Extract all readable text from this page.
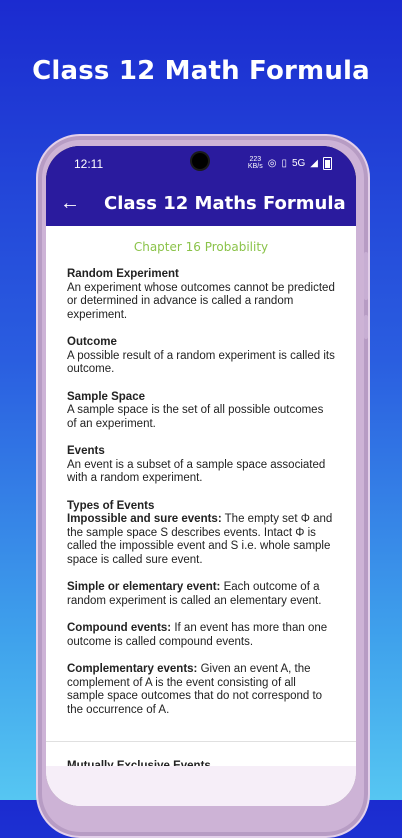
Class 12 Math Formula
12:11	223
KB/s ◎ ▯ 5G ◢
←	Class 12 Maths Formula
Chapter 16 Probability
Random Experiment
An experiment whose outcomes cannot be predicted or determined in advance is called a random experiment.
Outcome
A possible result of a random experiment is called its outcome.
Sample Space
A sample space is the set of all possible outcomes of an experiment.
Events
An event is a subset of a sample space associated with a random experiment.
Types of Events
Impossible and sure events: The empty set Φ and the sample space S describes events. Intact Φ is called the impossible event and S i.e. whole sample space is called sure event.
Simple or elementary event: Each outcome of a random experiment is called an elementary event.
Compound events: If an event has more than one outcome is called compound events.
Complementary events: Given an event A, the complement of A is the event consisting of all sample space outcomes that do not correspond to the occurrence of A.
